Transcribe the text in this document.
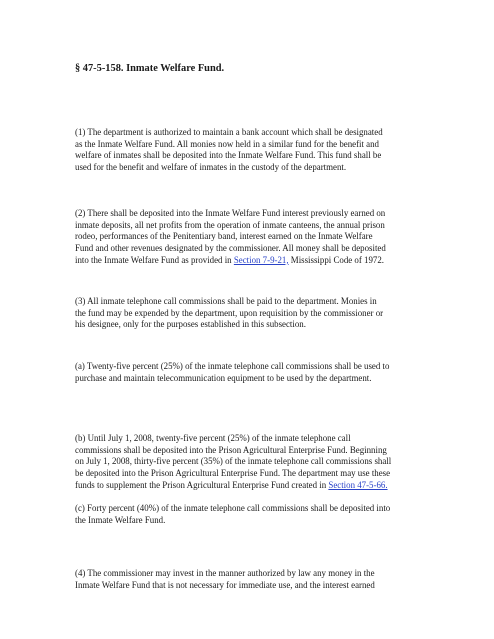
§ 47-5-158. Inmate Welfare Fund.
(1) The department is authorized to maintain a bank account which shall be designated
as the Inmate Welfare Fund. All monies now held in a similar fund for the benefit and
welfare of inmates shall be deposited into the Inmate Welfare Fund. This fund shall be
used for the benefit and welfare of inmates in the custody of the department.
(2) There shall be deposited into the Inmate Welfare Fund interest previously earned on
inmate deposits, all net profits from the operation of inmate canteens, the annual prison
rodeo, performances of the Penitentiary band, interest earned on the Inmate Welfare
Fund and other revenues designated by the commissioner. All money shall be deposited
into the Inmate Welfare Fund as provided in Section 7-9-21, Mississippi Code of 1972.
(3) All inmate telephone call commissions shall be paid to the department. Monies in
the fund may be expended by the department, upon requisition by the commissioner or
his designee, only for the purposes established in this subsection.
(a) Twenty-five percent (25%) of the inmate telephone call commissions shall be used to
purchase and maintain telecommunication equipment to be used by the department.
(b) Until July 1, 2008, twenty-five percent (25%) of the inmate telephone call
commissions shall be deposited into the Prison Agricultural Enterprise Fund. Beginning
on July 1, 2008, thirty-five percent (35%) of the inmate telephone call commissions shall
be deposited into the Prison Agricultural Enterprise Fund. The department may use these
funds to supplement the Prison Agricultural Enterprise Fund created in Section 47-5-66.
(c) Forty percent (40%) of the inmate telephone call commissions shall be deposited into
the Inmate Welfare Fund.
(4) The commissioner may invest in the manner authorized by law any money in the
Inmate Welfare Fund that is not necessary for immediate use, and the interest earned
